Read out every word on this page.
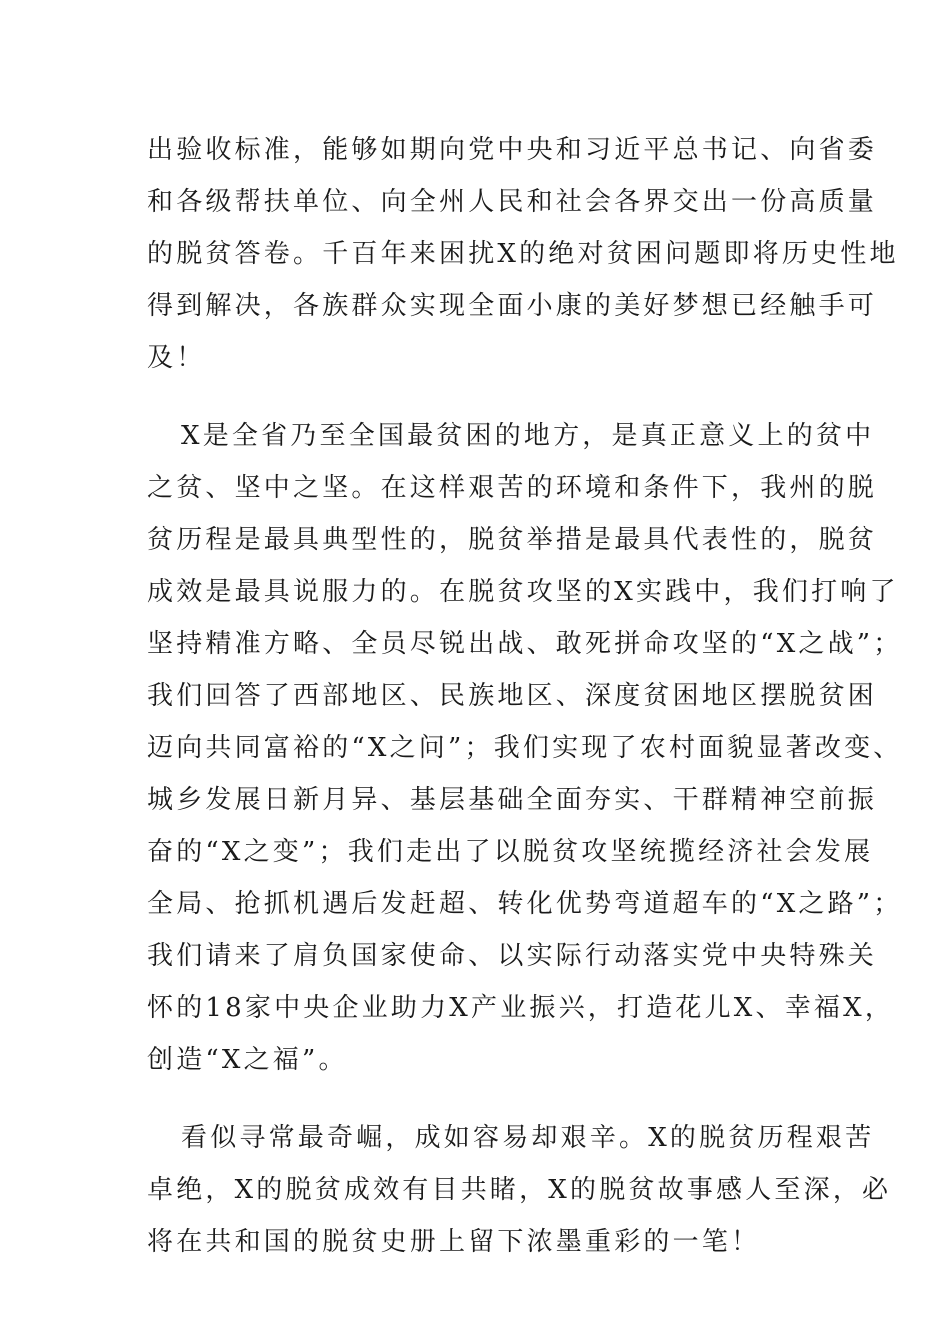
出验收标准，能够如期向党中央和习近平总书记、向省委
和各级帮扶单位、向全州人民和社会各界交出一份高质量
的脱贫答卷。千百年来困扰X的绝对贫困问题即将历史性地
得到解决，各族群众实现全面小康的美好梦想已经触手可
及！
X是全省乃至全国最贫困的地方，是真正意义上的贫中
之贫、坚中之坚。在这样艰苦的环境和条件下，我州的脱
贫历程是最具典型性的，脱贫举措是最具代表性的，脱贫
成效是最具说服力的。在脱贫攻坚的X实践中，我们打响了
坚持精准方略、全员尽锐出战、敢死拼命攻坚的“X之战”；
我们回答了西部地区、民族地区、深度贫困地区摆脱贫困
迈向共同富裕的“X之问”；我们实现了农村面貌显著改变、
城乡发展日新月异、基层基础全面夯实、干群精神空前振
奋的“X之变”；我们走出了以脱贫攻坚统揽经济社会发展
全局、抢抓机遇后发赶超、转化优势弯道超车的“X之路”；
我们请来了肩负国家使命、以实际行动落实党中央特殊关
怀的18家中央企业助力X产业振兴，打造花儿X、幸福X，
创造“X之福”。
看似寻常最奇崛，成如容易却艰辛。X的脱贫历程艰苦
卓绝，X的脱贫成效有目共睹，X的脱贫故事感人至深，必
将在共和国的脱贫史册上留下浓墨重彩的一笔！
